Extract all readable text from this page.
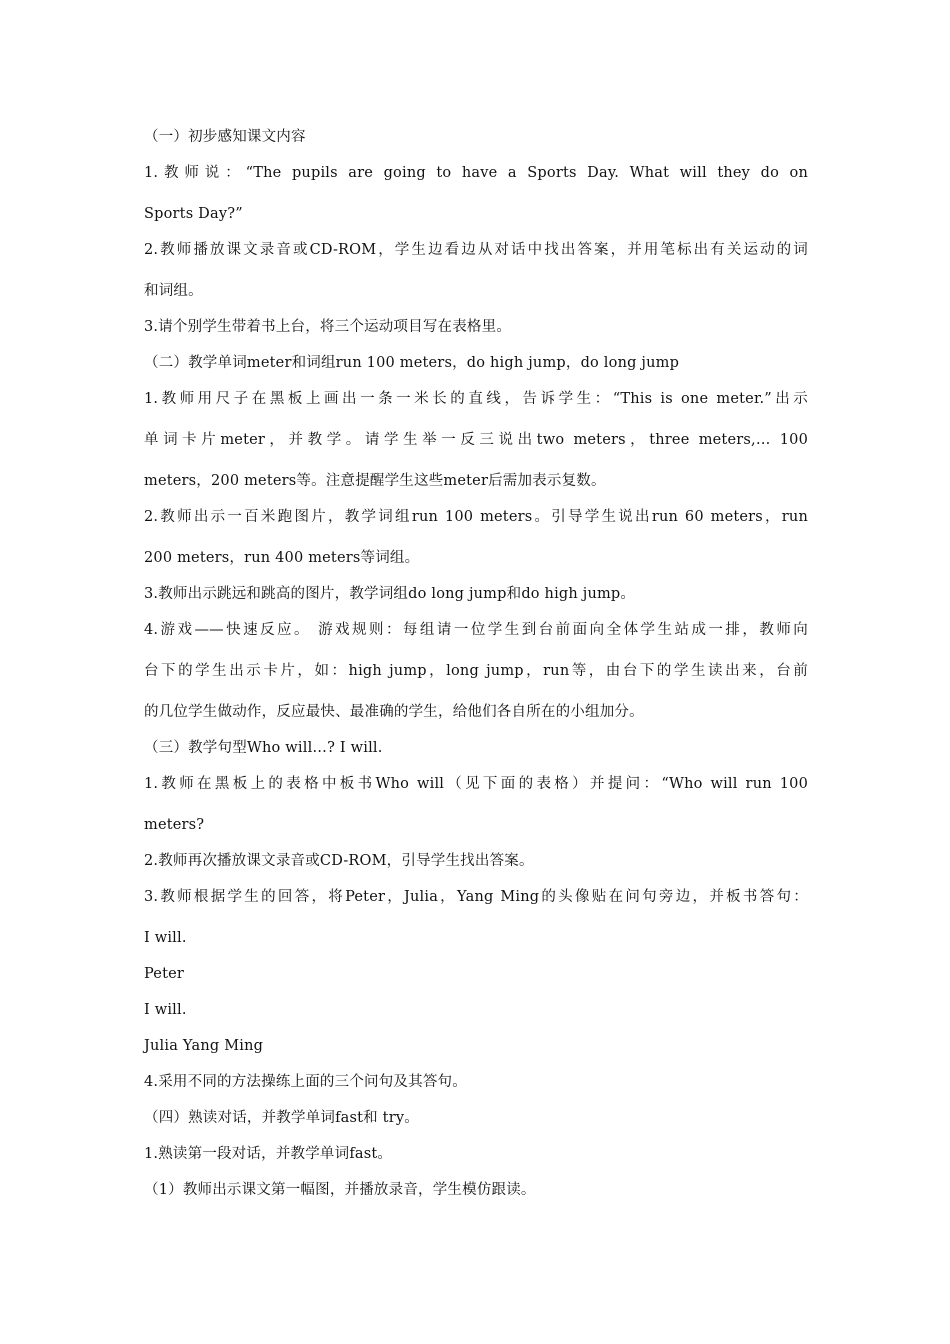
（一）初步感知课文内容
1.教师说：“The pupils are going to have a Sports Day. What will they do on
Sports Day?”
2.教师播放课文录音或CD-ROM，学生边看边从对话中找出答案，并用笔标出有关运动的词
和词组。
3.请个别学生带着书上台，将三个运动项目写在表格里。
（二）教学单词meter和词组run 100 meters，do high jump，do long jump
1.教师用尺子在黑板上画出一条一米长的直线，告诉学生：“This is one meter.”出示
单词卡片meter，并教学。请学生举一反三说出two meters，three meters,… 100
meters，200 meters等。注意提醒学生这些meter后需加表示复数。
2.教师出示一百米跑图片，教学词组run 100 meters。引导学生说出run 60 meters，run
200 meters，run 400 meters等词组。
3.教师出示跳远和跳高的图片，教学词组do long jump和do high jump。
4.游戏——快速反应。 游戏规则：每组请一位学生到台前面向全体学生站成一排，教师向
台下的学生出示卡片，如：high jump，long jump，run等，由台下的学生读出来，台前
的几位学生做动作，反应最快、最准确的学生，给他们各自所在的小组加分。
（三）教学句型Who will…? I will.
1.教师在黑板上的表格中板书Who will（见下面的表格）并提问：“Who will run 100
meters?
2.教师再次播放课文录音或CD-ROM，引导学生找出答案。
3.教师根据学生的回答，将Peter，Julia，Yang Ming的头像贴在问句旁边，并板书答句：
I will.
Peter
I will.
Julia Yang Ming
4.采用不同的方法操练上面的三个问句及其答句。
（四）熟读对话，并教学单词fast和 try。
1.熟读第一段对话，并教学单词fast。
（1）教师出示课文第一幅图，并播放录音，学生模仿跟读。
